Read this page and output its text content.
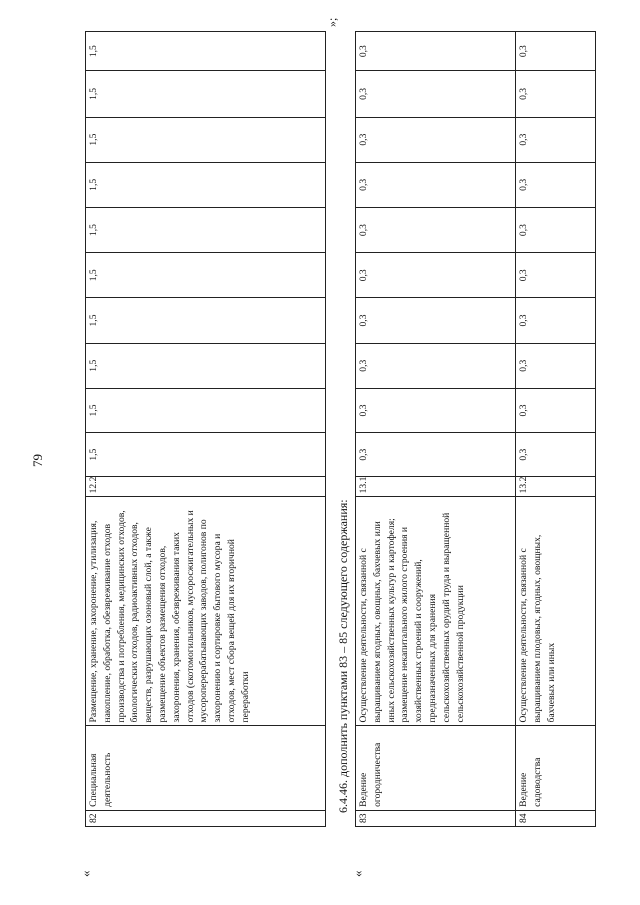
79
«
82	Специальная деятельность	Размещение, хранение, захоронение, утилизация, накопление, обработка, обезвреживание отходов производства и потребления, медицинских отходов, биологических отходов, радиоактивных отходов, веществ, разрушающих озоновый слой, а также размещение объектов размещения отходов, захоронения, хранения, обезвреживания таких отходов (скотомогильников, мусоросжигательных и мусороперерабатывающих заводов, полигонов по захоронению и сортировке бытового мусора и отходов, мест сбора вещей для их вторичной переработки	12.2	1,5	1,5	1,5	1,5	1,5	1,5	1,5	1,5	1,5	1,5
»;
6.4.46. дополнить пунктами 83 – 85 следующего содержания:
«
83	Ведение огородничества	Осуществление деятельности, связанной с выращиванием ягодных, овощных, бахчевых или иных сельскохозяйственных культур и картофеля; размещение некапитального жилого строения и хозяйственных строений и сооружений, предназначенных для хранения сельскохозяйственных орудий труда и выращенной сельскохозяйственной продукции	13.1	0,3	0,3	0,3	0,3	0,3	0,3	0,3	0,3	0,3	0,3
84	Ведение садоводства	Осуществление деятельности, связанной с выращиванием плодовых, ягодных, овощных, бахчевых или иных	13.2	0,3	0,3	0,3	0,3	0,3	0,3	0,3	0,3	0,3	0,3
